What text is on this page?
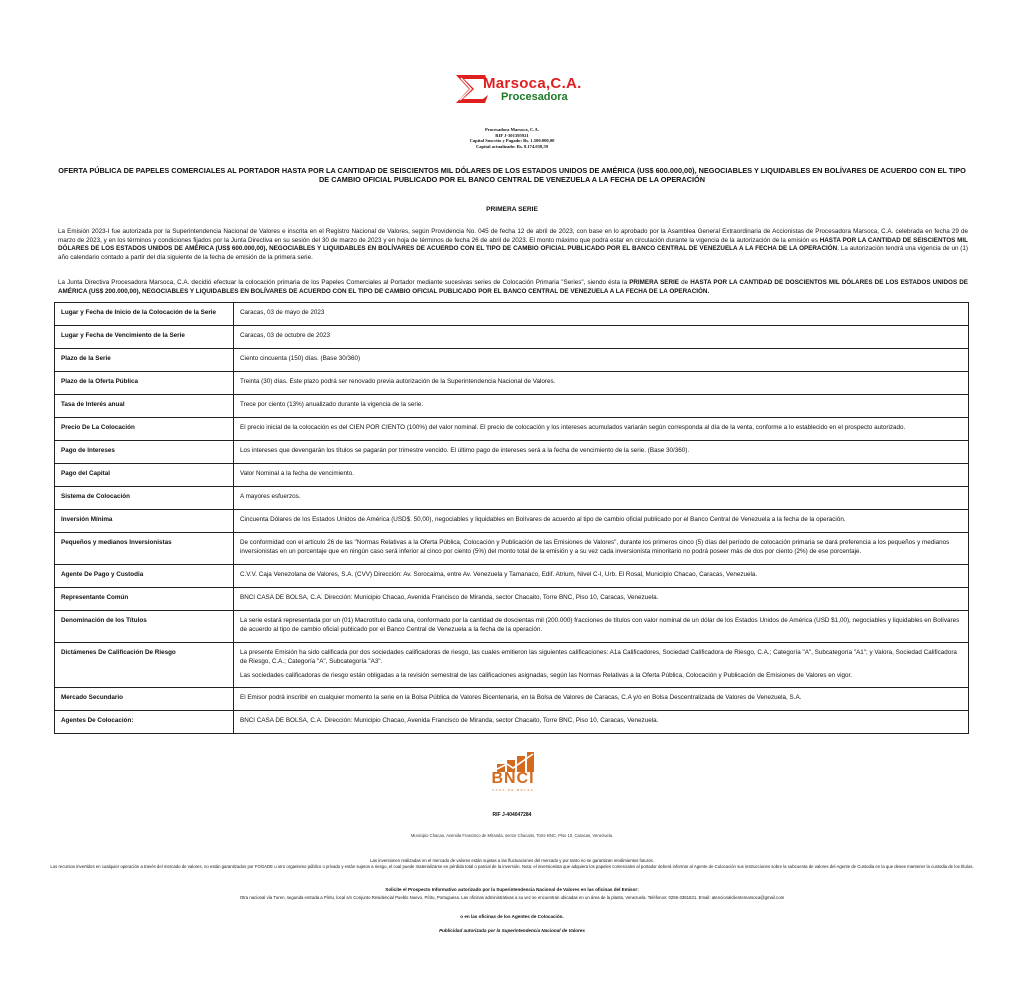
Marsoca,C.A.
Procesadora
Procesadora Marsoca, C.A.
RIF J-301395921
Capital Suscrito y Pagado: Bs. 1.500.000,00
Capital actualizado: Bs. 8.174.058,59
OFERTA PÚBLICA DE PAPELES COMERCIALES AL PORTADOR HASTA POR LA CANTIDAD DE SEISCIENTOS MIL DÓLARES DE LOS ESTADOS UNIDOS DE AMÉRICA (US$ 600.000,00), NEGOCIABLES Y LIQUIDABLES EN BOLÍVARES DE ACUERDO CON EL TIPO DE CAMBIO OFICIAL PUBLICADO POR EL BANCO CENTRAL DE VENEZUELA A LA FECHA DE LA OPERACIÓN
PRIMERA SERIE
La Emisión 2023-I fue autorizada por la Superintendencia Nacional de Valores e inscrita en el Registro Nacional de Valores, según Providencia No. 045 de fecha 12 de abril de 2023, con base en lo aprobado por la Asamblea General Extraordinaria de Accionistas de Procesadora Marsoca, C.A. celebrada en fecha 29 de marzo de 2023, y en los términos y condiciones fijados por la Junta Directiva en su sesión del 30 de marzo de 2023 y en hoja de términos de fecha 26 de abril de 2023. El monto máximo que podrá estar en circulación durante la vigencia de la autorización de la emisión es HASTA POR LA CANTIDAD DE SEISCIENTOS MIL DÓLARES DE LOS ESTADOS UNIDOS DE AMÉRICA (US$ 600.000,00), NEGOCIABLES Y LIQUIDABLES EN BOLÍVARES DE ACUERDO CON EL TIPO DE CAMBIO OFICIAL PUBLICADO POR EL BANCO CENTRAL DE VENEZUELA A LA FECHA DE LA OPERACIÓN. La autorización tendrá una vigencia de un (1) año calendario contado a partir del día siguiente de la fecha de emisión de la primera serie.
La Junta Directiva Procesadora Marsoca, C.A. decidió efectuar la colocación primaria de los Papeles Comerciales al Portador mediante sucesivas series de Colocación Primaria "Series", siendo ésta la PRIMERA SERIE de HASTA POR LA CANTIDAD DE DOSCIENTOS MIL DÓLARES DE LOS ESTADOS UNIDOS DE AMÉRICA (US$ 200.000,00), NEGOCIABLES Y LIQUIDABLES EN BOLÍVARES DE ACUERDO CON EL TIPO DE CAMBIO OFICIAL PUBLICADO POR EL BANCO CENTRAL DE VENEZUELA A LA FECHA DE LA OPERACIÓN.
Lugar y Fecha de Inicio de la Colocación de la Serie	Caracas, 03 de mayo de 2023

Lugar y Fecha de Vencimiento de la Serie	Caracas, 03 de octubre de 2023

Plazo de la Serie	Ciento cincuenta (150) días. (Base 30/360)

Plazo de la Oferta Pública	Treinta (30) días. Este plazo podrá ser renovado previa autorización de la Superintendencia Nacional de Valores.

Tasa de Interés anual	Trece por ciento (13%) anualizado durante la vigencia de la serie.

Precio De La Colocación	El precio inicial de la colocación es del CIEN POR CIENTO (100%) del valor nominal. El precio de colocación y los intereses acumulados variarán según corresponda al día de la venta, conforme a lo establecido en el prospecto autorizado.

Pago de Intereses	Los intereses que devengarán los títulos se pagarán por trimestre vencido. El último pago de intereses será a la fecha de vencimiento de la serie. (Base 30/360).

Pago del Capital	Valor Nominal a la fecha de vencimiento.

Sistema de Colocación	A mayores esfuerzos.

Inversión Mínima	Cincuenta Dólares de los Estados Unidos de América (USD$. 50,00), negociables y liquidables en Bolívares de acuerdo al tipo de cambio oficial publicado por el Banco Central de Venezuela a la fecha de la operación.

Pequeños y medianos Inversionistas	De conformidad con el artículo 26 de las "Normas Relativas a la Oferta Pública, Colocación y Publicación de las Emisiones de Valores", durante los primeros cinco (5) días del período de colocación primaria se dará preferencia a los pequeños y medianos inversionistas en un porcentaje que en ningún caso será inferior al cinco por ciento (5%) del monto total de la emisión y a su vez cada inversionista minoritario no podrá poseer más de dos por ciento (2%) de ese porcentaje.

Agente De Pago y Custodia	C.V.V. Caja Venezolana de Valores, S.A. (CVV) Dirección: Av. Sorocaima, entre Av. Venezuela y Tamanaco, Edif. Atrium, Nivel C-I, Urb. El Rosal, Municipio Chacao, Caracas, Venezuela.

Representante Común	BNCI CASA DE BOLSA, C.A. Dirección: Municipio Chacao, Avenida Francisco de Miranda, sector Chacaito, Torre BNC, Piso 10, Caracas, Venezuela.

Denominación de los Títulos	La serie estará representada por un (01) Macrotítulo cada una, conformado por la cantidad de doscientas mil (200.000) fracciones de títulos con valor nominal de un dólar de los Estados Unidos de América (USD $1,00), negociables y liquidables en Bolívares de acuerdo al tipo de cambio oficial publicado por el Banco Central de Venezuela a la fecha de la operación.

Dictámenes De Calificación De Riesgo	La presente Emisión ha sido calificada por dos sociedades calificadoras de riesgo, las cuales emitieron las siguientes calificaciones: A1a Calificadores, Sociedad Calificadora de Riesgo, C.A.; Categoría "A", Subcategoría "A1"; y Valora, Sociedad Calificadora de Riesgo, C.A.; Categoría "A", Subcategoría "A3".
Las sociedades calificadoras de riesgo están obligadas a la revisión semestral de las calificaciones asignadas, según las Normas Relativas a la Oferta Pública, Colocación y Publicación de Emisiones de Valores en vigor.

Mercado Secundario	El Emisor podrá inscribir en cualquier momento la serie en la Bolsa Pública de Valores Bicentenaria, en la Bolsa de Valores de Caracas, C.A y/o en Bolsa Descentralizada de Valores de Venezuela, S.A.

Agentes De Colocación:	BNCI CASA DE BOLSA, C.A. Dirección: Municipio Chacao, Avenida Francisco de Miranda, sector Chacaito, Torre BNC, Piso 10, Caracas, Venezuela.
BNCI
CASA DE BOLSA
RIF J-404047284
Municipio Chacao, Avenida Francisco de Miranda, sector Chacaito, Torre BNC, Piso 10, Caracas, Venezuela.
Las inversiones realizadas en el mercado de valores están sujetas a las fluctuaciones del mercado y por tanto no se garantizan rendimientos futuros.
Los recursos invertidos en cualquier operación a través del mercado de valores, no están garantizados por FOGADE u otro organismo público o privado y están sujetos a riesgo, el cual puede materializarse en pérdida total o parcial de la inversión. Nota: el inversionista que adquiera los papeles comerciales al portador deberá informar al Agente de Colocación sus instrucciones sobre la subcuenta de valores del Agente de Custodia en la que desee mantener la custodia de los títulos.
Solicite el Prospecto Informativo autorizado por la Superintendencia Nacional de Valores en las oficinas del Emisor:
Otra nacional vía Turen, segunda entrada a Píritu, local s/n Conjunto Residencial Pueblo Nuevo, Píritu, Portuguesa. Las oficinas administrativas a su vez se encuentran ubicadas en un área de la planta, Venezuela. Teléfonos: 0256-3361631. Email: atencionalclientemarsoca@gmail.com
o en las oficinas de los Agentes de Colocación.
Publicidad autorizada por la Superintendencia Nacional de Valores
